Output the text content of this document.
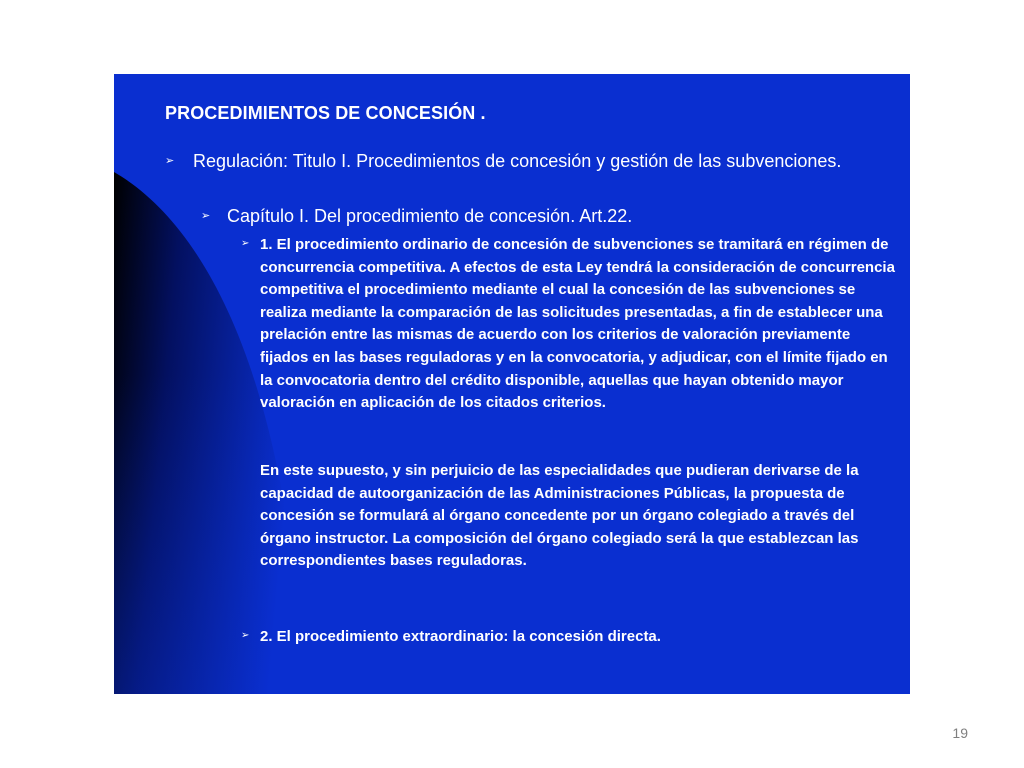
PROCEDIMIENTOS DE CONCESIÓN .
➢	Regulación: Titulo I. Procedimientos de concesión y gestión de las subvenciones.
➢ Capítulo I. Del procedimiento de concesión. Art.22.
➢ 1. El procedimiento ordinario de concesión de subvenciones se tramitará en régimen de concurrencia competitiva. A efectos de esta Ley tendrá la consideración de concurrencia competitiva el procedimiento mediante el cual la concesión de las subvenciones se realiza mediante la comparación de las solicitudes presentadas, a fin de establecer una prelación entre las mismas de acuerdo con los criterios de valoración previamente fijados en las bases reguladoras y en la convocatoria, y adjudicar, con el límite fijado en la convocatoria dentro del crédito disponible, aquellas que hayan obtenido mayor valoración en aplicación de los citados criterios.
En este supuesto, y sin perjuicio de las especialidades que pudieran derivarse de la capacidad de autoorganización de las Administraciones Públicas, la propuesta de concesión se formulará al órgano concedente por un órgano colegiado a través del órgano instructor. La composición del órgano colegiado será la que establezcan las correspondientes bases reguladoras.
➢ 2. El procedimiento extraordinario: la concesión directa.
19
